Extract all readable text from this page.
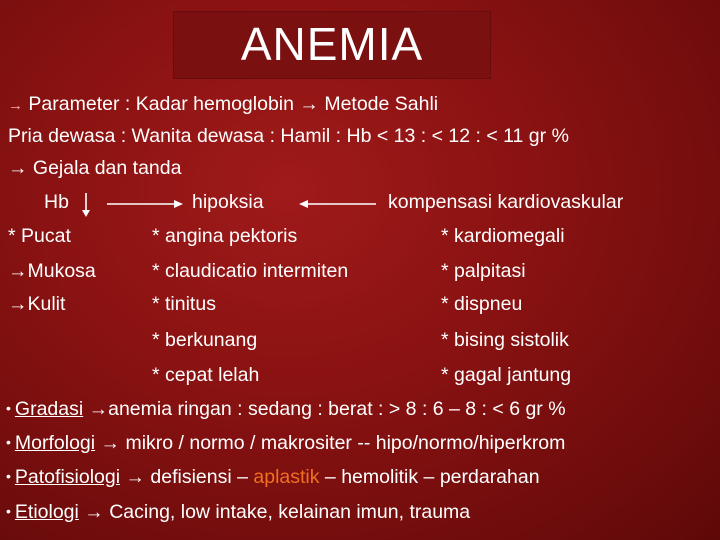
ANEMIA
→ Parameter : Kadar hemoglobin → Metode Sahli
Pria dewasa : Wanita dewasa : Hamil : Hb < 13 : < 12 : < 11 gr %
→ Gejala dan tanda
Hb	hipoksia	kompensasi kardiovaskular
* Pucat
→Mukosa
→Kulit
* angina pektoris
* claudicatio intermiten
* tinitus
* berkunang
* cepat lelah
* kardiomegali
* palpitasi
* dispneu
* bising sistolik
* gagal jantung
• Gradasi →anemia ringan : sedang : berat : > 8 : 6 – 8 : < 6 gr %
• Morfologi → mikro / normo / makrositer -- hipo/normo/hiperkrom
• Patofisiologi → defisiensi – aplastik – hemolitik – perdarahan
• Etiologi → Cacing, low intake, kelainan imun, trauma
